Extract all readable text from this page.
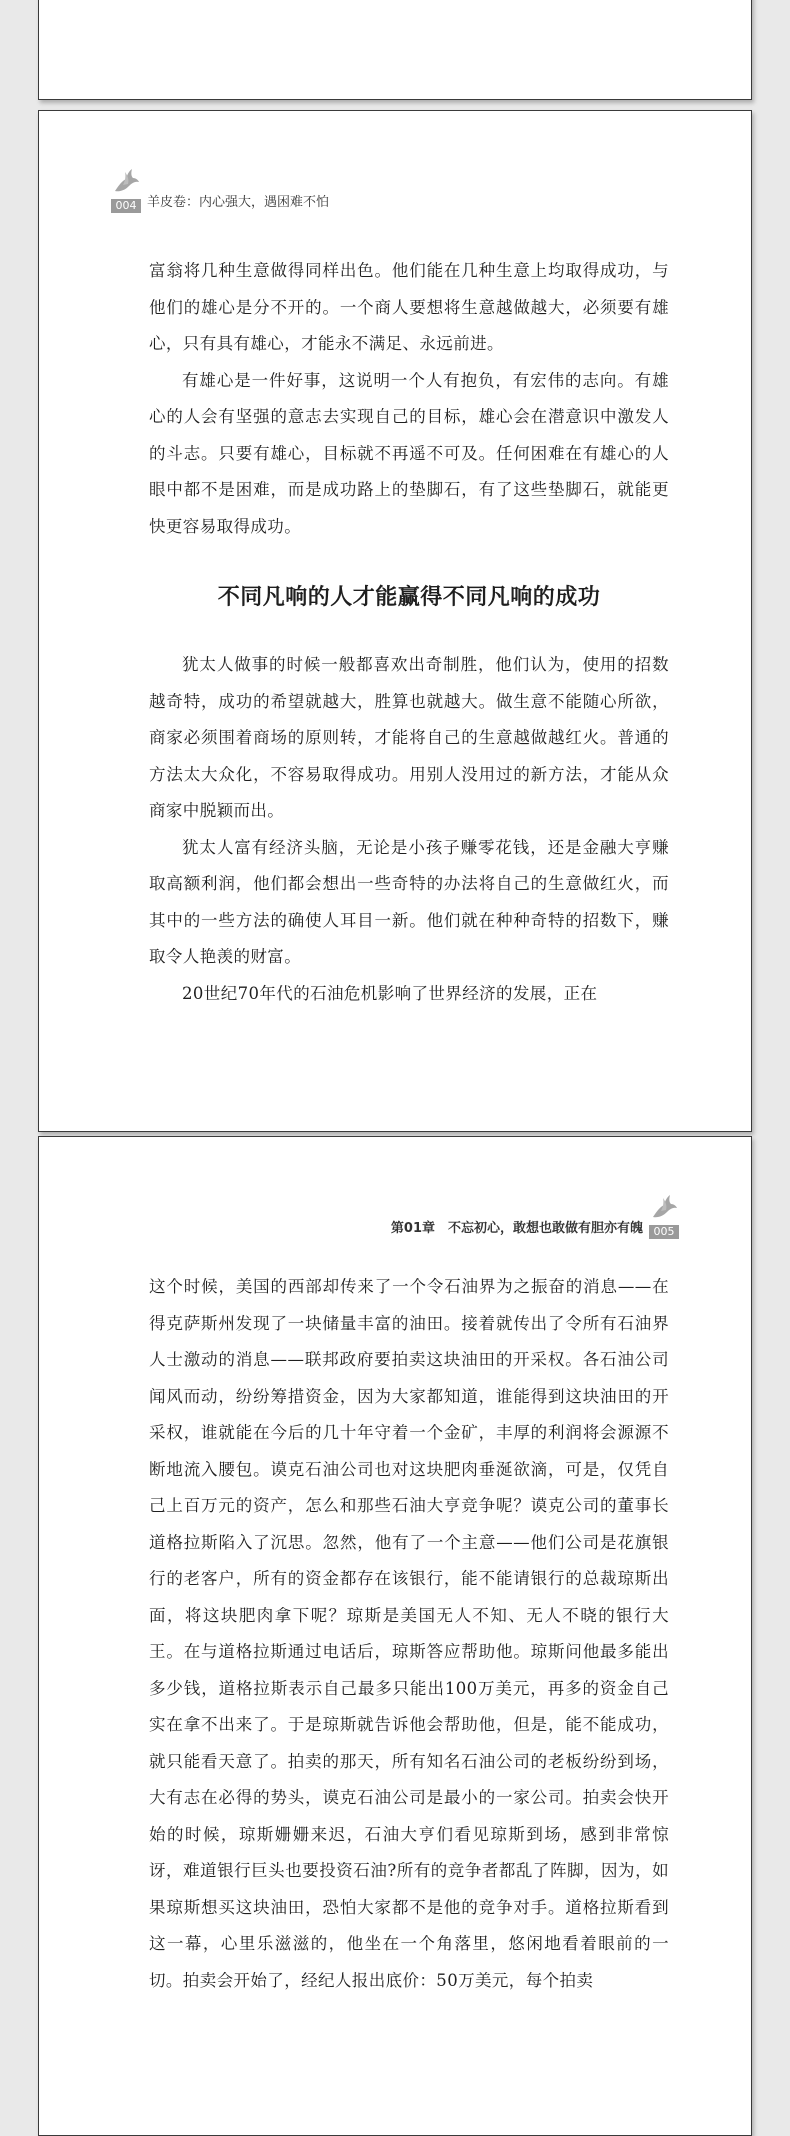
004 羊皮卷：内心强大，遇困难不怕

富翁将几种生意做得同样出色。他们能在几种生意上均取得成功，与他们的雄心是分不开的。一个商人要想将生意越做越大，必须要有雄心，只有具有雄心，才能永不满足、永远前进。

有雄心是一件好事，这说明一个人有抱负，有宏伟的志向。有雄心的人会有坚强的意志去实现自己的目标，雄心会在潜意识中激发人的斗志。只要有雄心，目标就不再遥不可及。任何困难在有雄心的人眼中都不是困难，而是成功路上的垫脚石，有了这些垫脚石，就能更快更容易取得成功。

不同凡响的人才能赢得不同凡响的成功

犹太人做事的时候一般都喜欢出奇制胜，他们认为，使用的招数越奇特，成功的希望就越大，胜算也就越大。做生意不能随心所欲，商家必须围着商场的原则转，才能将自己的生意越做越红火。普通的方法太大众化，不容易取得成功。用别人没用过的新方法，才能从众商家中脱颖而出。

犹太人富有经济头脑，无论是小孩子赚零花钱，还是金融大亨赚取高额利润，他们都会想出一些奇特的办法将自己的生意做红火，而其中的一些方法的确使人耳目一新。他们就在种种奇特的招数下，赚取令人艳羡的财富。

20世纪70年代的石油危机影响了世界经济的发展，正在

005
第01章　不忘初心，敢想也敢做有胆亦有魄

这个时候，美国的西部却传来了一个令石油界为之振奋的消息——在得克萨斯州发现了一块储量丰富的油田。接着就传出了令所有石油界人士激动的消息——联邦政府要拍卖这块油田的开采权。各石油公司闻风而动，纷纷筹措资金，因为大家都知道，谁能得到这块油田的开采权，谁就能在今后的几十年守着一个金矿，丰厚的利润将会源源不断地流入腰包。谟克石油公司也对这块肥肉垂涎欲滴，可是，仅凭自己上百万元的资产，怎么和那些石油大亨竞争呢？谟克公司的董事长道格拉斯陷入了沉思。忽然，他有了一个主意——他们公司是花旗银行的老客户，所有的资金都存在该银行，能不能请银行的总裁琼斯出面，将这块肥肉拿下呢？琼斯是美国无人不知、无人不晓的银行大王。在与道格拉斯通过电话后，琼斯答应帮助他。琼斯问他最多能出多少钱，道格拉斯表示自己最多只能出100万美元，再多的资金自己实在拿不出来了。于是琼斯就告诉他会帮助他，但是，能不能成功，就只能看天意了。拍卖的那天，所有知名石油公司的老板纷纷到场，大有志在必得的势头，谟克石油公司是最小的一家公司。拍卖会快开始的时候，琼斯姗姗来迟，石油大亨们看见琼斯到场，感到非常惊讶，难道银行巨头也要投资石油?所有的竞争者都乱了阵脚，因为，如果琼斯想买这块油田，恐怕大家都不是他的竞争对手。道格拉斯看到这一幕，心里乐滋滋的，他坐在一个角落里，悠闲地看着眼前的一切。拍卖会开始了，经纪人报出底价：50万美元，每个拍卖
